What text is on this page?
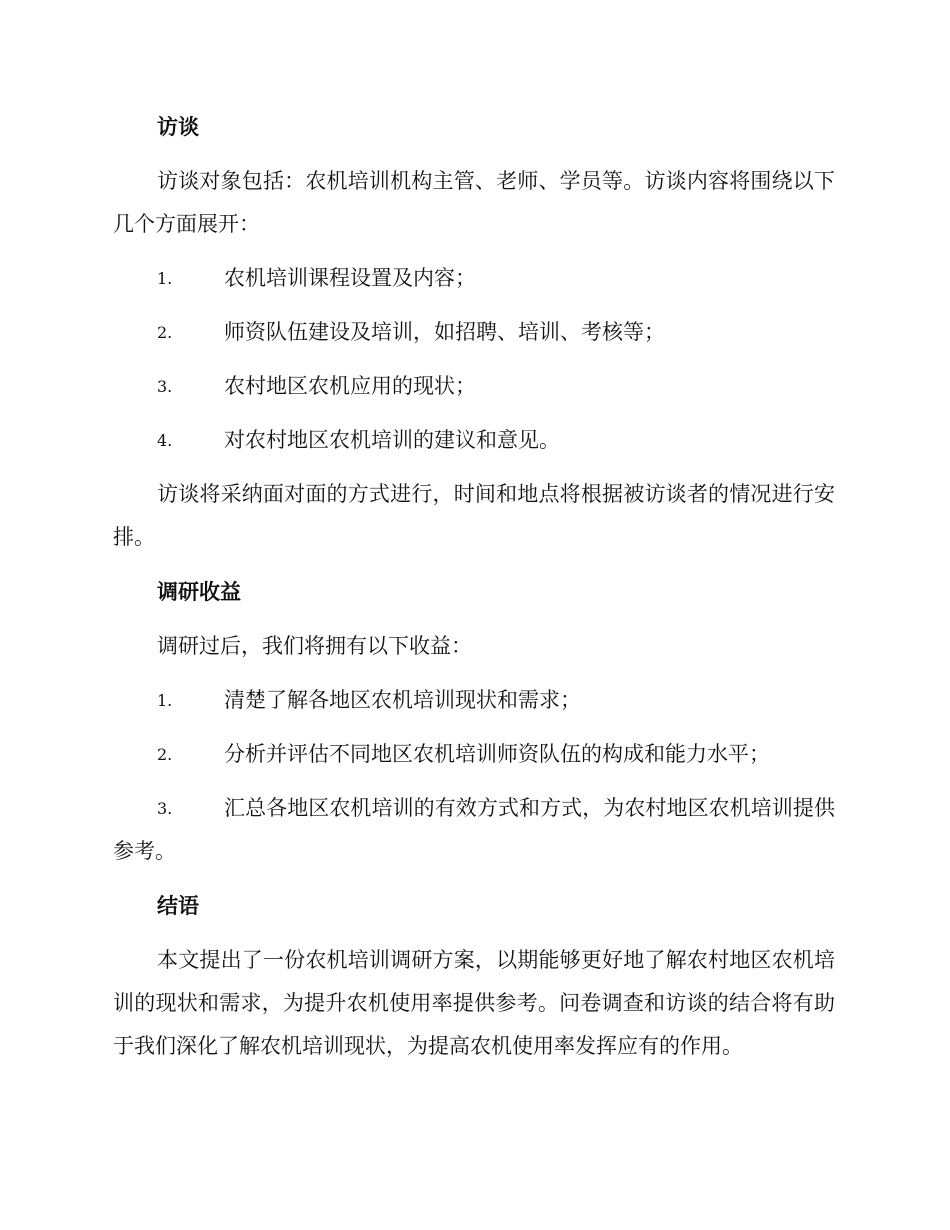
访谈

访谈对象包括：农机培训机构主管、老师、学员等。访谈内容将围绕以下几个方面展开：

1. 农机培训课程设置及内容；
2. 师资队伍建设及培训，如招聘、培训、考核等；
3. 农村地区农机应用的现状；
4. 对农村地区农机培训的建议和意见。

访谈将采纳面对面的方式进行，时间和地点将根据被访谈者的情况进行安排。

调研收益

调研过后，我们将拥有以下收益：

1. 清楚了解各地区农机培训现状和需求；
2. 分析并评估不同地区农机培训师资队伍的构成和能力水平；
3. 汇总各地区农机培训的有效方式和方式，为农村地区农机培训提供参考。
结语

本文提出了一份农机培训调研方案，以期能够更好地了解农村地区农机培训的现状和需求，为提升农机使用率提供参考。问卷调查和访谈的结合将有助于我们深化了解农机培训现状，为提高农机使用率发挥应有的作用。
